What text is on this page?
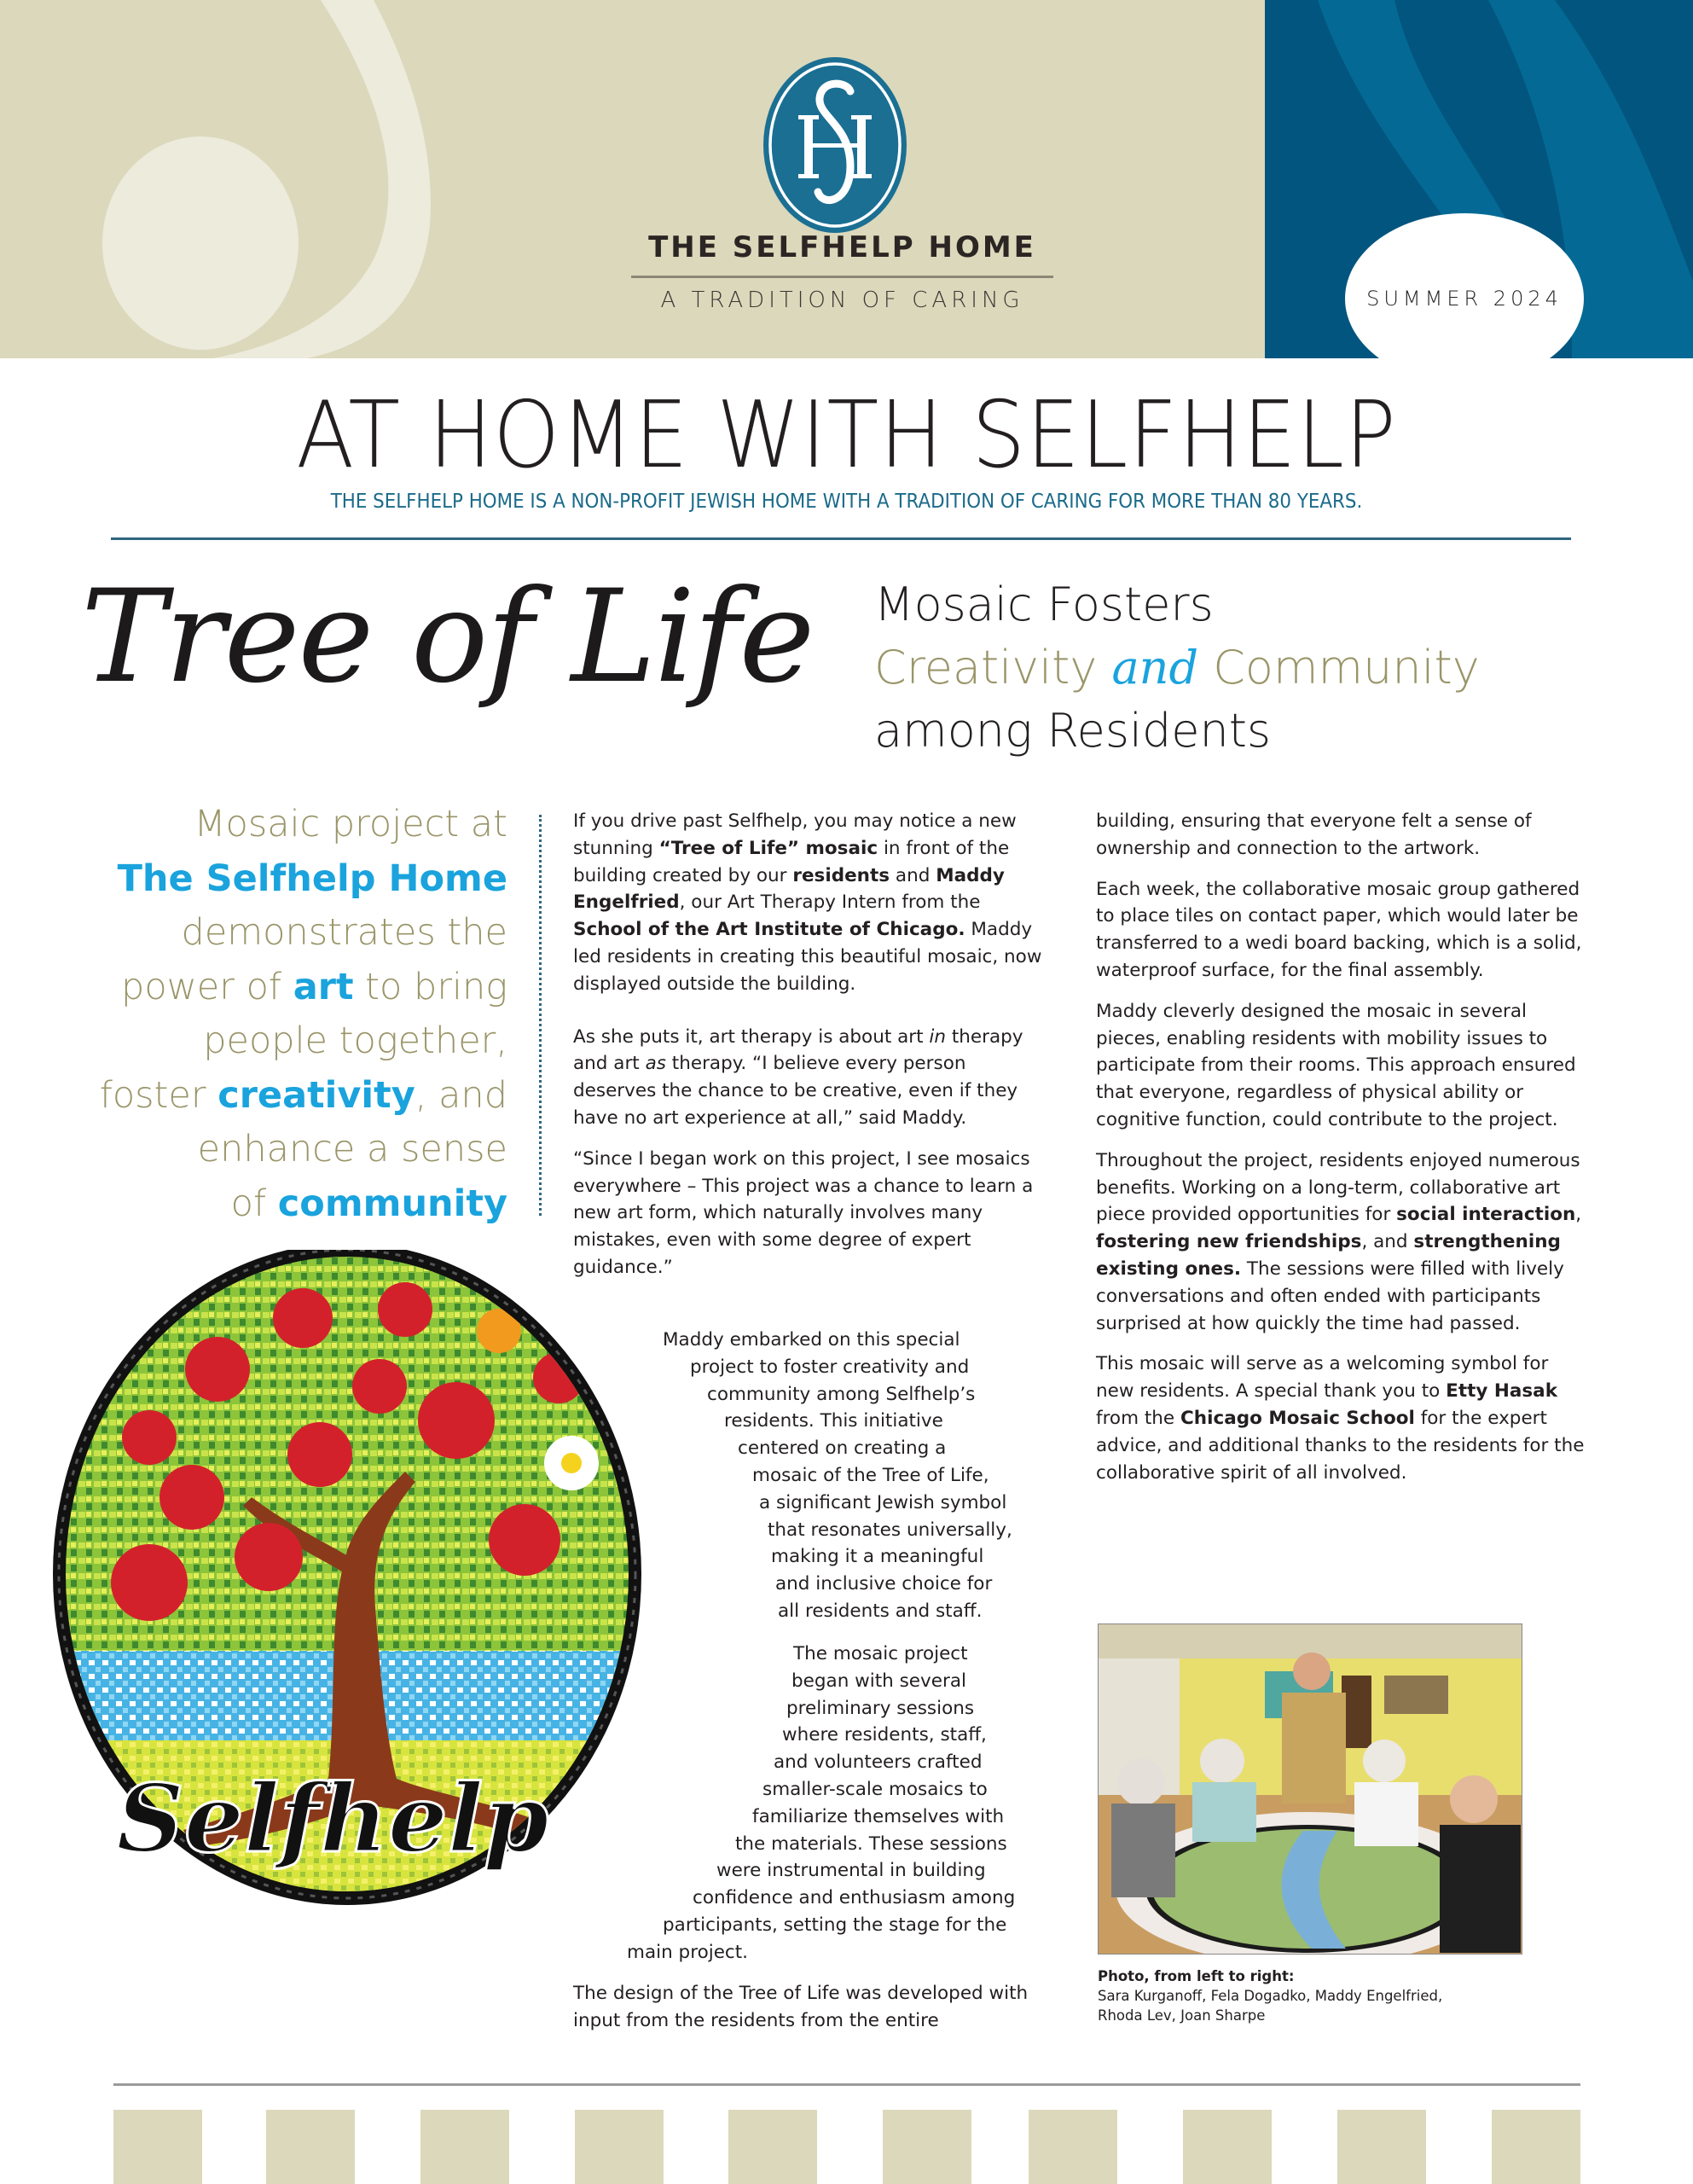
THE SELFHELP HOME
A TRADITION OF CARING	SUMMER 2024
AT HOME WITH SELFHELP
THE SELFHELP HOME IS A NON-PROFIT JEWISH HOME WITH A TRADITION OF CARING FOR MORE THAN 80 YEARS.
Tree of Life	Mosaic Fosters
Creativity and Community
among Residents
Mosaic project at
The Selfhelp Home
demonstrates the
power of art to bring
people together,
foster creativity, and
enhance a sense
of community

If you drive past Selfhelp, you may notice a new stunning “Tree of Life” mosaic in front of the building created by our residents and Maddy Engelfried, our Art Therapy Intern from the School of the Art Institute of Chicago. Maddy led residents in creating this beautiful mosaic, now displayed outside the building.

As she puts it, art therapy is about art in therapy and art as therapy. “I believe every person deserves the chance to be creative, even if they have no art experience at all,” said Maddy.

“Since I began work on this project, I see mosaics everywhere – This project was a chance to learn a new art form, which naturally involves many mistakes, even with some degree of expert guidance.”

Maddy embarked on this special
project to foster creativity and
community among Selfhelp’s
residents. This initiative
centered on creating a
mosaic of the Tree of Life,
a significant Jewish symbol
that resonates universally,
making it a meaningful
and inclusive choice for
all residents and staff.
The mosaic project
began with several
preliminary sessions
where residents, staff,
and volunteers crafted
smaller-scale mosaics to
familiarize themselves with
the materials. These sessions
were instrumental in building
confidence and enthusiasm among
participants, setting the stage for the
main project.

The design of the Tree of Life was developed with input from the residents from the entire

building, ensuring that everyone felt a sense of ownership and connection to the artwork.

Each week, the collaborative mosaic group gathered to place tiles on contact paper, which would later be transferred to a wedi board backing, which is a solid, waterproof surface, for the final assembly.

Maddy cleverly designed the mosaic in several pieces, enabling residents with mobility issues to participate from their rooms. This approach ensured that everyone, regardless of physical ability or cognitive function, could contribute to the project.

Throughout the project, residents enjoyed numerous benefits. Working on a long-term, collaborative art piece provided opportunities for social interaction, fostering new friendships, and strengthening existing ones. The sessions were filled with lively conversations and often ended with participants surprised at how quickly the time had passed.

This mosaic will serve as a welcoming symbol for new residents. A special thank you to Etty Hasak from the Chicago Mosaic School for the expert advice, and additional thanks to the residents for the collaborative spirit of all involved.

Selfhelp
Photo, from left to right:
Sara Kurganoff, Fela Dogadko, Maddy Engelfried,
Rhoda Lev, Joan Sharpe
